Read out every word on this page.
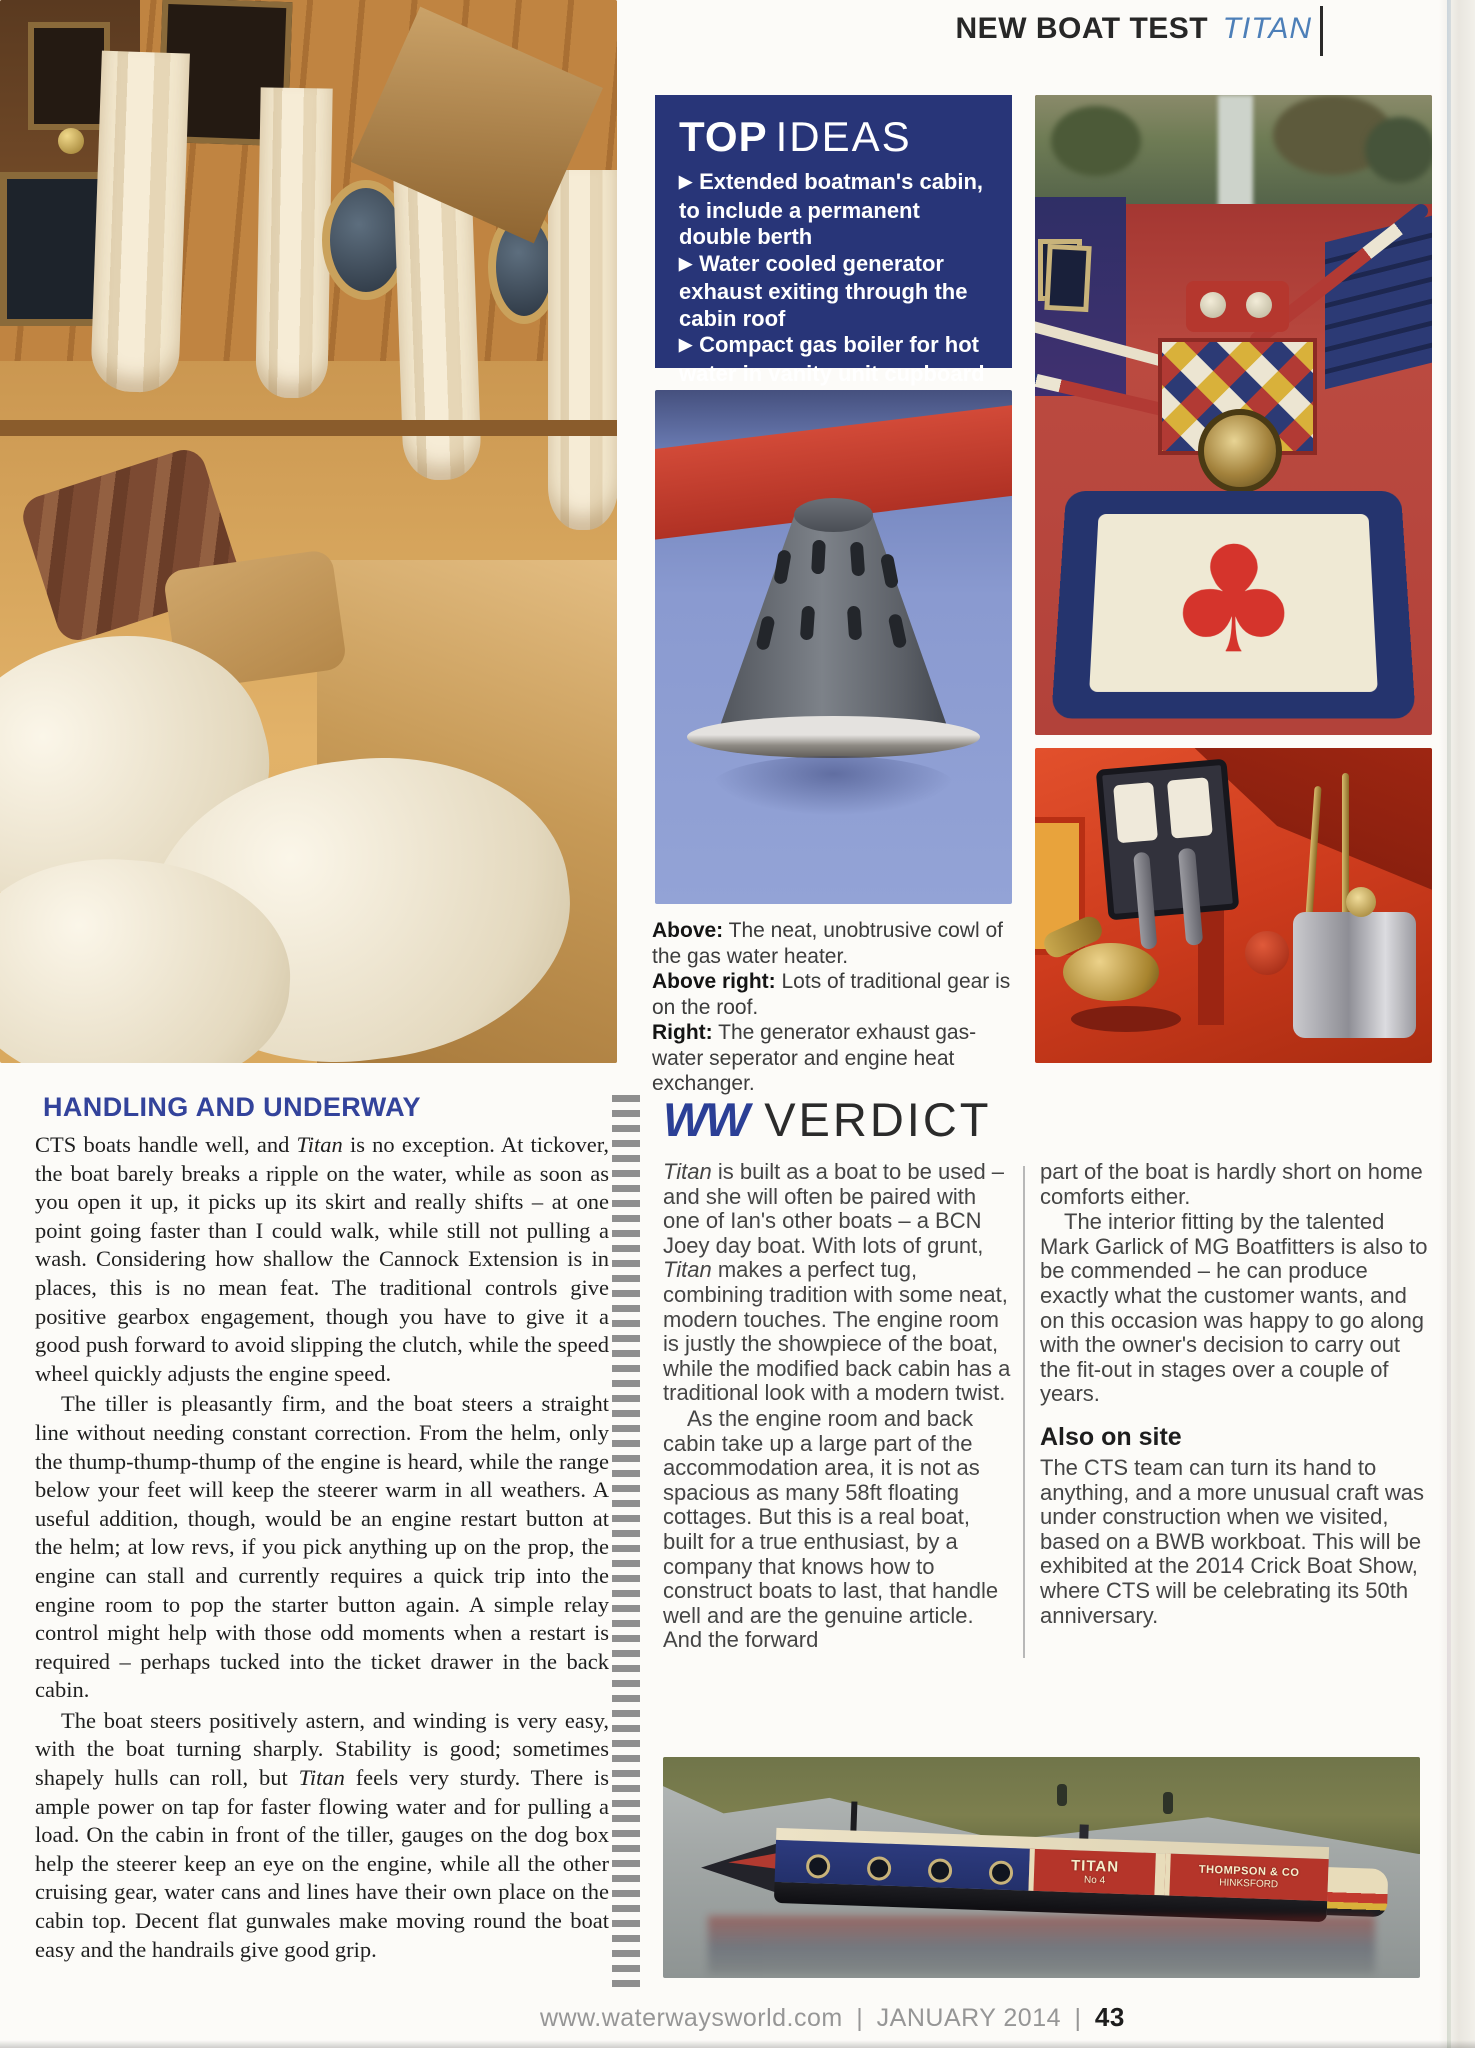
NEW BOAT TEST TITAN
TOP IDEAS

▶ Extended boatman's cabin, to include a permanent double berth

▶ Water cooled generator exhaust exiting through the cabin roof

▶ Compact gas boiler for hot water in vanity unit cupboard

♣

Above: The neat, unobtrusive cowl of the gas water heater.

Above right: Lots of traditional gear is on the roof.

Right: The generator exhaust gas-water seperator and engine heat exchanger.

HANDLING AND UNDERWAY

CTS boats handle well, and Titan is no exception. At tickover, the boat barely breaks a ripple on the water, while as soon as you open it up, it picks up its skirt and really shifts – at one point going faster than I could walk, while still not pulling a wash. Considering how shallow the Cannock Extension is in places, this is no mean feat. The traditional controls give positive gearbox engagement, though you have to give it a good push forward to avoid slipping the clutch, while the speed wheel quickly adjusts the engine speed.

The tiller is pleasantly firm, and the boat steers a straight line without needing constant correction. From the helm, only the thump-thump-thump of the engine is heard, while the range below your feet will keep the steerer warm in all weathers. A useful addition, though, would be an engine restart button at the helm; at low revs, if you pick anything up on the prop, the engine can stall and currently requires a quick trip into the engine room to pop the starter button again. A simple relay control might help with those odd moments when a restart is required – perhaps tucked into the ticket drawer in the back cabin.

The boat steers positively astern, and winding is very easy, with the boat turning sharply. Stability is good; sometimes shapely hulls can roll, but Titan feels very sturdy. There is ample power on tap for faster flowing water and for pulling a load. On the cabin in front of the tiller, gauges on the dog box help the steerer keep an eye on the engine, while all the other cruising gear, water cans and lines have their own place on the cabin top. Decent flat gunwales make moving round the boat easy and the handrails give good grip.

WW VERDICT

Titan is built as a boat to be used – and she will often be paired with one of Ian's other boats – a BCN Joey day boat. With lots of grunt, Titan makes a perfect tug, combining tradition with some neat, modern touches. The engine room is justly the showpiece of the boat, while the modified back cabin has a traditional look with a modern twist.

As the engine room and back cabin take up a large part of the accommodation area, it is not as spacious as many 58ft floating cottages. But this is a real boat, built for a true enthusiast, by a company that knows how to construct boats to last, that handle well and are the genuine article. And the forward

part of the boat is hardly short on home comforts either.

The interior fitting by the talented Mark Garlick of MG Boatfitters is also to be commended – he can produce exactly what the customer wants, and on this occasion was happy to go along with the owner's decision to carry out the fit-out in stages over a couple of years.

Also on site

The CTS team can turn its hand to anything, and a more unusual craft was under construction when we visited, based on a BWB workboat. This will be exhibited at the 2014 Crick Boat Show, where CTS will be celebrating its 50th anniversary.

TITAN
No 4
THOMPSON & CO
HINKSFORD
www.waterwaysworld.com | JANUARY 2014 | 43
